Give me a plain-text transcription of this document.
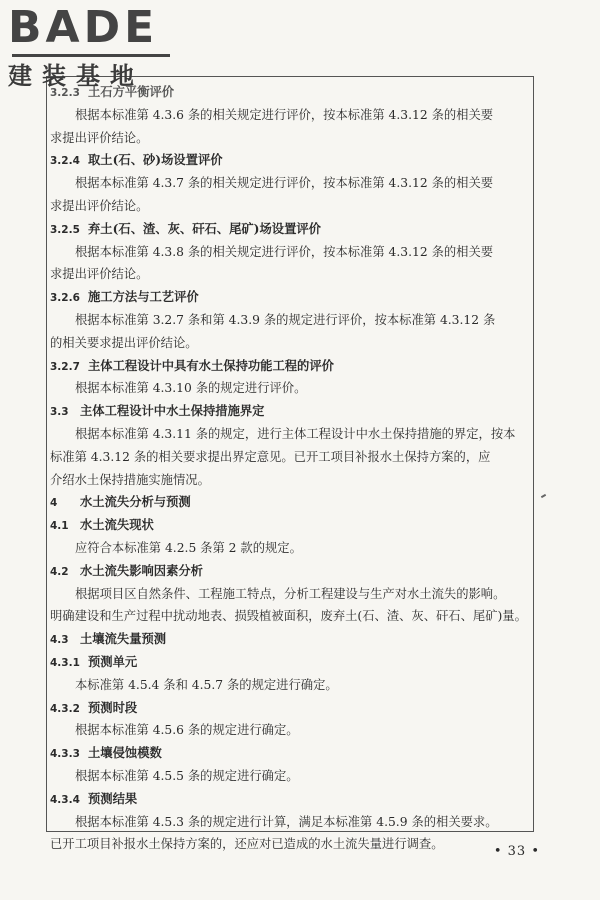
BADE
建装基地
3.2.3 土石方平衡评价
根据本标准第 4.3.6 条的相关规定进行评价，按本标准第 4.3.12 条的相关要
求提出评价结论。
3.2.4 取土(石、砂)场设置评价
根据本标准第 4.3.7 条的相关规定进行评价，按本标准第 4.3.12 条的相关要
求提出评价结论。
3.2.5 弃土(石、渣、灰、矸石、尾矿)场设置评价
根据本标准第 4.3.8 条的相关规定进行评价，按本标准第 4.3.12 条的相关要
求提出评价结论。
3.2.6 施工方法与工艺评价
根据本标准第 3.2.7 条和第 4.3.9 条的规定进行评价，按本标准第 4.3.12 条
的相关要求提出评价结论。
3.2.7 主体工程设计中具有水土保持功能工程的评价
根据本标准第 4.3.10 条的规定进行评价。
3.3 主体工程设计中水土保持措施界定
根据本标准第 4.3.11 条的规定，进行主体工程设计中水土保持措施的界定，按本
标准第 4.3.12 条的相关要求提出界定意见。已开工项目补报水土保持方案的，应
介绍水土保持措施实施情况。
4 水土流失分析与预测
4.1 水土流失现状
应符合本标准第 4.2.5 条第 2 款的规定。
4.2 水土流失影响因素分析
根据项目区自然条件、工程施工特点，分析工程建设与生产对水土流失的影响。
明确建设和生产过程中扰动地表、损毁植被面积，废弃土(石、渣、灰、矸石、尾矿)量。
4.3 土壤流失量预测
4.3.1 预测单元
本标准第 4.5.4 条和 4.5.7 条的规定进行确定。
4.3.2 预测时段
根据本标准第 4.5.6 条的规定进行确定。
4.3.3 土壤侵蚀模数
根据本标准第 4.5.5 条的规定进行确定。
4.3.4 预测结果
根据本标准第 4.5.3 条的规定进行计算，满足本标准第 4.5.9 条的相关要求。
已开工项目补报水土保持方案的，还应对已造成的水土流失量进行调查。	• 33 •
